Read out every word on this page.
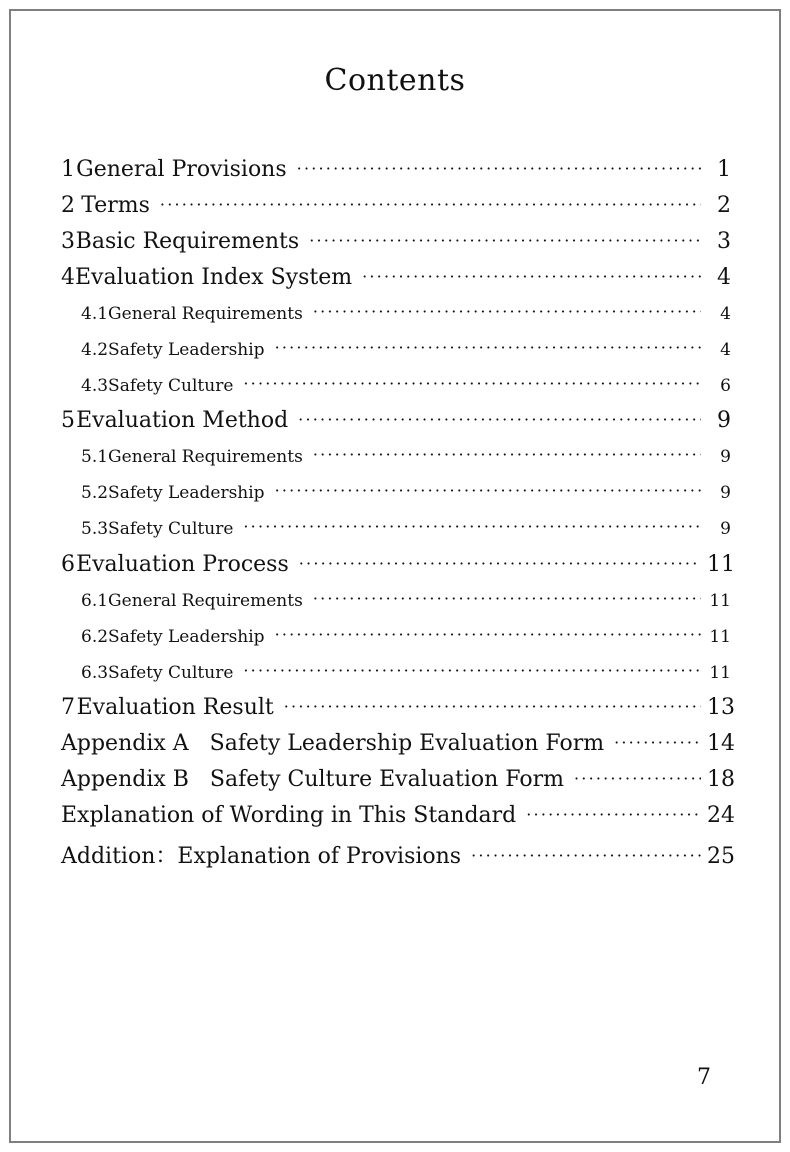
Contents
1 General Provisions ·····	1
2 Terms ·····	2
3 Basic Requirements ·····	3
4 Evaluation Index System ·····	4
4.1 General Requirements ·····	4
4.2 Safety Leadership ·····	4
4.3 Safety Culture ·····	6
5 Evaluation Method ·····	9
5.1 General Requirements ·····	9
5.2 Safety Leadership ·····	9
5.3 Safety Culture ·····	9
6 Evaluation Process ·····	11
6.1 General Requirements ·····	11
6.2 Safety Leadership ·····	11
6.3 Safety Culture ·····	11
7 Evaluation Result ·····	13
Appendix A   Safety Leadership Evaluation Form ·····	14
Appendix B   Safety Culture Evaluation Form ·····	18
Explanation of Wording in This Standard ·····	24
Addition：Explanation of Provisions ·····	25
7
